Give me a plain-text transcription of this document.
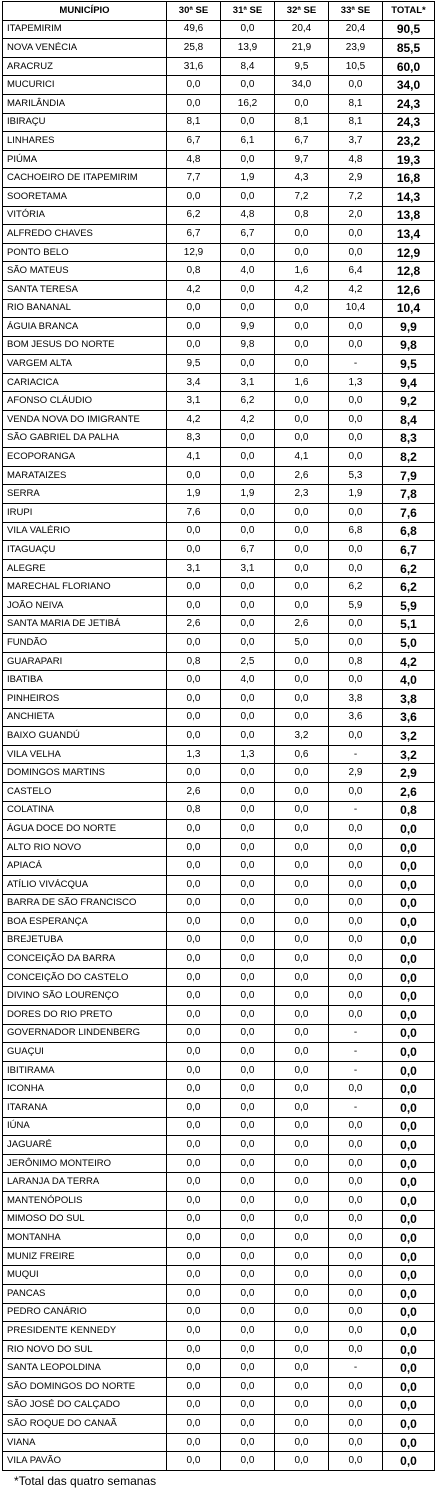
MUNICÍPIO	30ª SE	31ª SE	32ª SE	33ª SE	TOTAL*
ITAPEMIRIM	49,6	0,0	20,4	20,4	90,5
NOVA VENÉCIA	25,8	13,9	21,9	23,9	85,5
ARACRUZ	31,6	8,4	9,5	10,5	60,0
MUCURICI	0,0	0,0	34,0	0,0	34,0
MARILÂNDIA	0,0	16,2	0,0	8,1	24,3
IBIRAÇU	8,1	0,0	8,1	8,1	24,3
LINHARES	6,7	6,1	6,7	3,7	23,2
PIÚMA	4,8	0,0	9,7	4,8	19,3
CACHOEIRO DE ITAPEMIRIM	7,7	1,9	4,3	2,9	16,8
SOORETAMA	0,0	0,0	7,2	7,2	14,3
VITÓRIA	6,2	4,8	0,8	2,0	13,8
ALFREDO CHAVES	6,7	6,7	0,0	0,0	13,4
PONTO BELO	12,9	0,0	0,0	0,0	12,9
SÃO MATEUS	0,8	4,0	1,6	6,4	12,8
SANTA TERESA	4,2	0,0	4,2	4,2	12,6
RIO BANANAL	0,0	0,0	0,0	10,4	10,4
ÁGUIA BRANCA	0,0	9,9	0,0	0,0	9,9
BOM JESUS DO NORTE	0,0	9,8	0,0	0,0	9,8
VARGEM ALTA	9,5	0,0	0,0	-	9,5
CARIACICA	3,4	3,1	1,6	1,3	9,4
AFONSO CLÁUDIO	3,1	6,2	0,0	0,0	9,2
VENDA NOVA DO IMIGRANTE	4,2	4,2	0,0	0,0	8,4
SÃO GABRIEL DA PALHA	8,3	0,0	0,0	0,0	8,3
ECOPORANGA	4,1	0,0	4,1	0,0	8,2
MARATAIZES	0,0	0,0	2,6	5,3	7,9
SERRA	1,9	1,9	2,3	1,9	7,8
IRUPI	7,6	0,0	0,0	0,0	7,6
VILA VALÉRIO	0,0	0,0	0,0	6,8	6,8
ITAGUAÇU	0,0	6,7	0,0	0,0	6,7
ALEGRE	3,1	3,1	0,0	0,0	6,2
MARECHAL FLORIANO	0,0	0,0	0,0	6,2	6,2
JOÃO NEIVA	0,0	0,0	0,0	5,9	5,9
SANTA MARIA DE JETIBÁ	2,6	0,0	2,6	0,0	5,1
FUNDÃO	0,0	0,0	5,0	0,0	5,0
GUARAPARI	0,8	2,5	0,0	0,8	4,2
IBATIBA	0,0	4,0	0,0	0,0	4,0
PINHEIROS	0,0	0,0	0,0	3,8	3,8
ANCHIETA	0,0	0,0	0,0	3,6	3,6
BAIXO GUANDÚ	0,0	0,0	3,2	0,0	3,2
VILA VELHA	1,3	1,3	0,6	-	3,2
DOMINGOS MARTINS	0,0	0,0	0,0	2,9	2,9
CASTELO	2,6	0,0	0,0	0,0	2,6
COLATINA	0,8	0,0	0,0	-	0,8
ÁGUA DOCE DO NORTE	0,0	0,0	0,0	0,0	0,0
ALTO RIO NOVO	0,0	0,0	0,0	0,0	0,0
APIACÁ	0,0	0,0	0,0	0,0	0,0
ATÍLIO VIVÁCQUA	0,0	0,0	0,0	0,0	0,0
BARRA DE SÃO FRANCISCO	0,0	0,0	0,0	0,0	0,0
BOA ESPERANÇA	0,0	0,0	0,0	0,0	0,0
BREJETUBA	0,0	0,0	0,0	0,0	0,0
CONCEIÇÃO DA BARRA	0,0	0,0	0,0	0,0	0,0
CONCEIÇÃO DO CASTELO	0,0	0,0	0,0	0,0	0,0
DIVINO SÃO LOURENÇO	0,0	0,0	0,0	0,0	0,0
DORES DO RIO PRETO	0,0	0,0	0,0	0,0	0,0
GOVERNADOR LINDENBERG	0,0	0,0	0,0	-	0,0
GUAÇUI	0,0	0,0	0,0	-	0,0
IBITIRAMA	0,0	0,0	0,0	-	0,0
ICONHA	0,0	0,0	0,0	0,0	0,0
ITARANA	0,0	0,0	0,0	-	0,0
IÚNA	0,0	0,0	0,0	0,0	0,0
JAGUARÉ	0,0	0,0	0,0	0,0	0,0
JERÔNIMO MONTEIRO	0,0	0,0	0,0	0,0	0,0
LARANJA DA TERRA	0,0	0,0	0,0	0,0	0,0
MANTENÓPOLIS	0,0	0,0	0,0	0,0	0,0
MIMOSO DO SUL	0,0	0,0	0,0	0,0	0,0
MONTANHA	0,0	0,0	0,0	0,0	0,0
MUNIZ FREIRE	0,0	0,0	0,0	0,0	0,0
MUQUI	0,0	0,0	0,0	0,0	0,0
PANCAS	0,0	0,0	0,0	0,0	0,0
PEDRO CANÁRIO	0,0	0,0	0,0	0,0	0,0
PRESIDENTE KENNEDY	0,0	0,0	0,0	0,0	0,0
RIO NOVO DO SUL	0,0	0,0	0,0	0,0	0,0
SANTA LEOPOLDINA	0,0	0,0	0,0	-	0,0
SÃO DOMINGOS DO NORTE	0,0	0,0	0,0	0,0	0,0
SÃO JOSÉ DO CALÇADO	0,0	0,0	0,0	0,0	0,0
SÃO ROQUE DO CANAÃ	0,0	0,0	0,0	0,0	0,0
VIANA	0,0	0,0	0,0	0,0	0,0
VILA PAVÃO	0,0	0,0	0,0	0,0	0,0
*Total das quatro semanas
